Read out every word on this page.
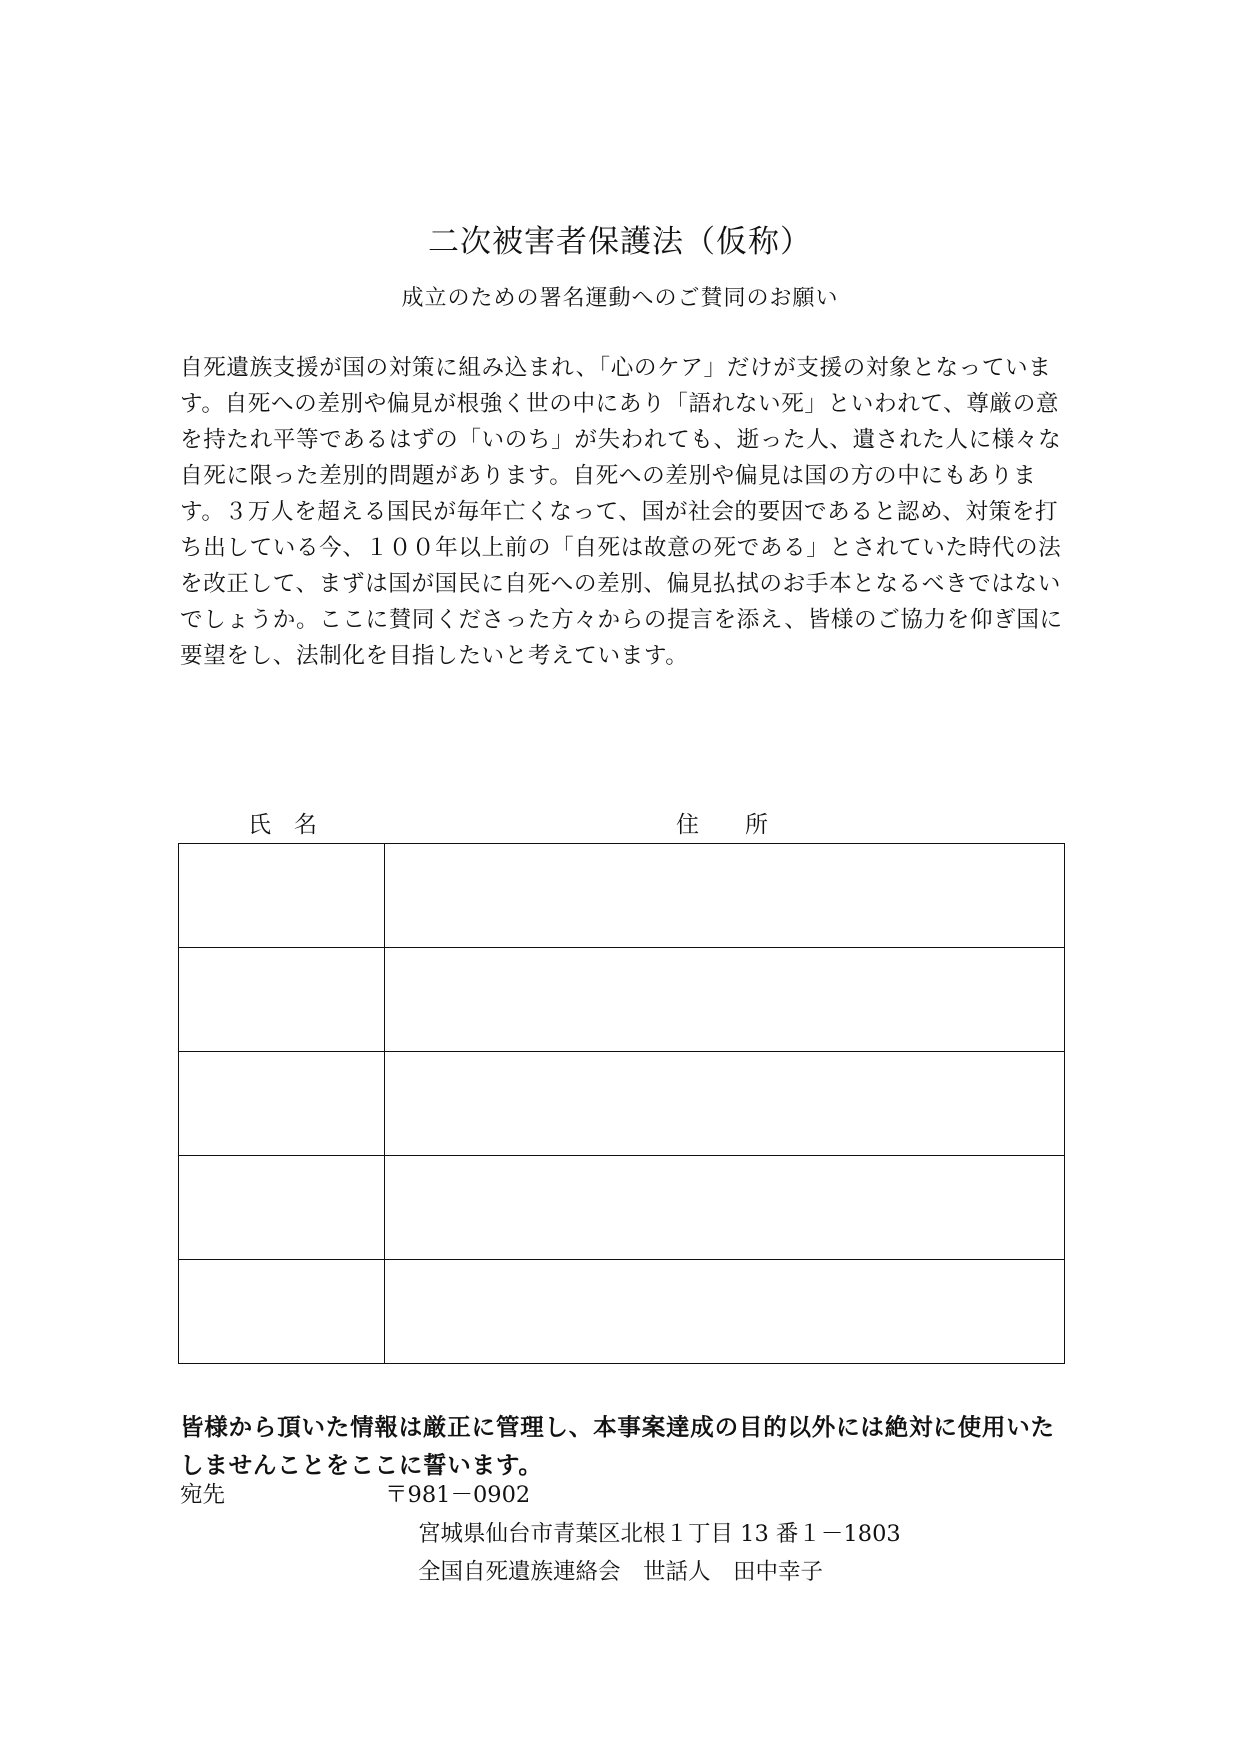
二次被害者保護法（仮称）
成立のための署名運動へのご賛同のお願い

自死遺族支援が国の対策に組み込まれ、「心のケア」だけが支援の対象となっています。自死への差別や偏見が根強く世の中にあり「語れない死」といわれて、尊厳の意を持たれ平等であるはずの「いのち」が失われても、逝った人、遺された人に様々な自死に限った差別的問題があります。自死への差別や偏見は国の方の中にもあります。３万人を超える国民が毎年亡くなって、国が社会的要因であると認め、対策を打ち出している今、１００年以上前の「自死は故意の死である」とされていた時代の法を改正して、まずは国が国民に自死への差別、偏見払拭のお手本となるべきではないでしょうか。ここに賛同くださった方々からの提言を添え、皆様のご協力を仰ぎ国に要望をし、法制化を目指したいと考えています。

氏　名	住　　所

皆様から頂いた情報は厳正に管理し、本事案達成の目的以外には絶対に使用いたしませんことをここに誓います。

宛先	〒981－0902
宮城県仙台市青葉区北根１丁目 13 番１－1803
全国自死遺族連絡会　世話人　田中幸子
